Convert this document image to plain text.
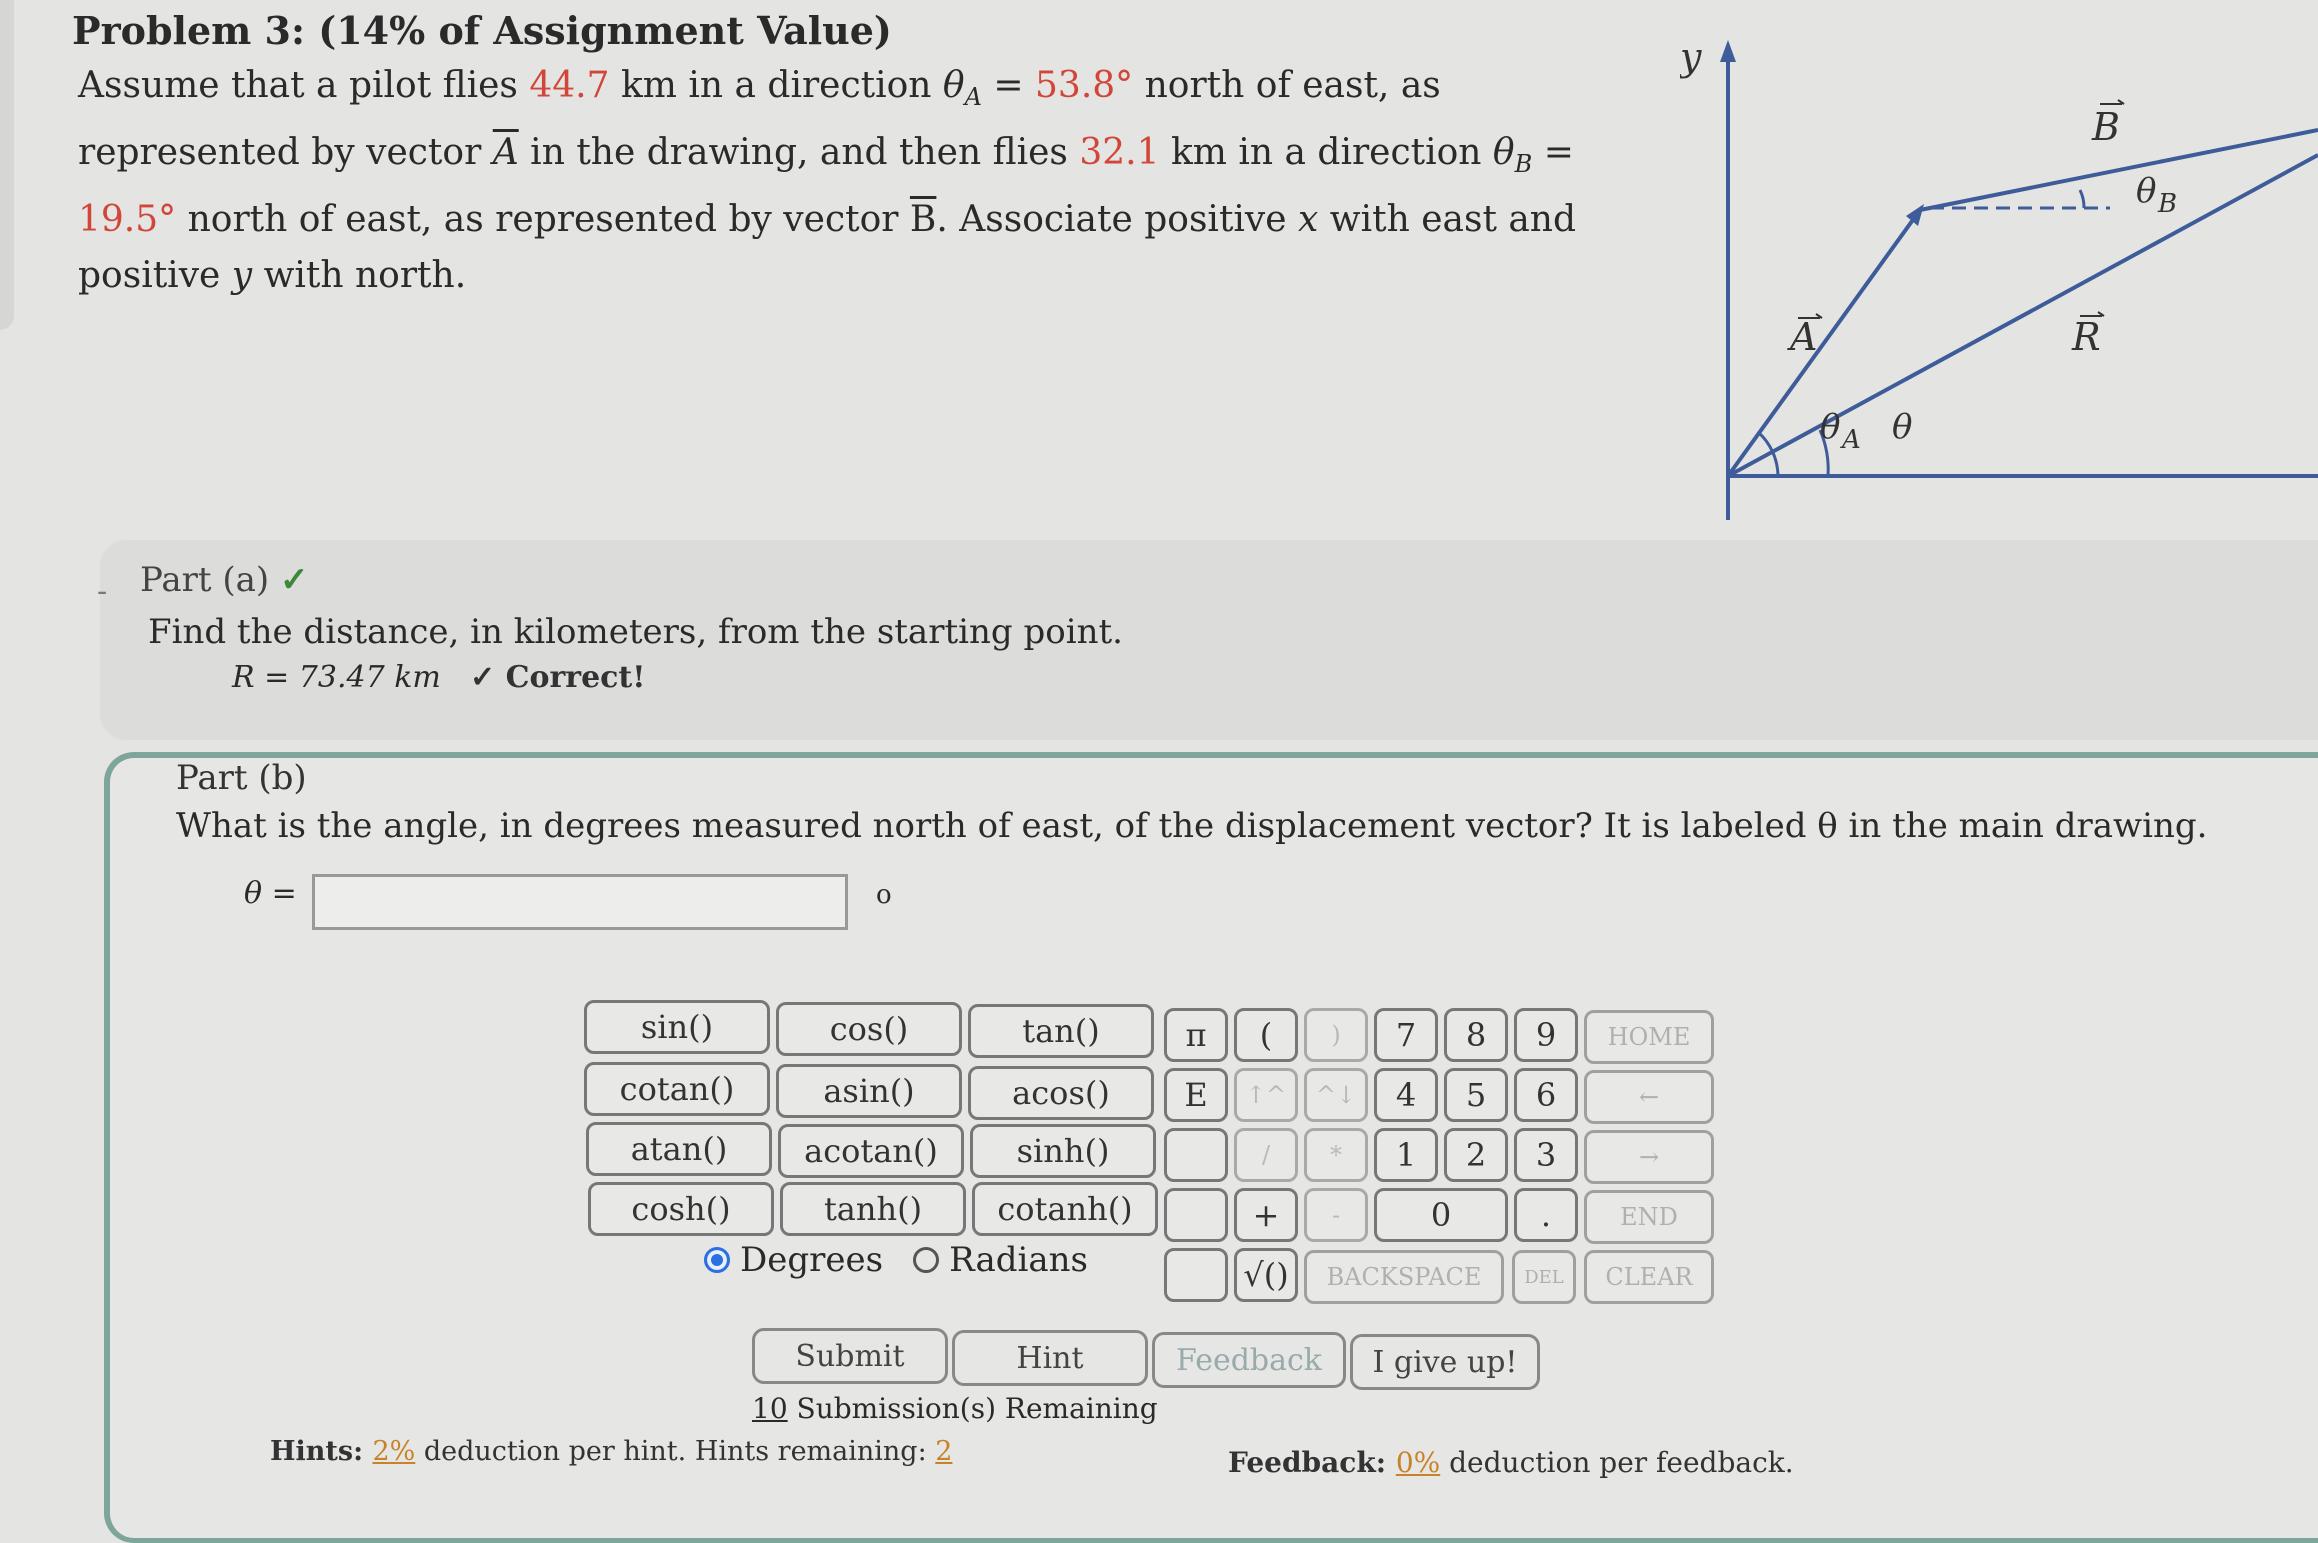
Problem 3: (14% of Assignment Value)
Assume that a pilot flies 44.7 km in a direction $\theta_A = 53.8^\circ$ north of east, as represented by vector $\overline{A}$ in the drawing, and then flies 32.1 km in a direction $\theta_B = 19.5^\circ$ north of east, as represented by vector $\overline{B}$. Associate positive x with east and positive y with north.
y
A
B
R
θ A θ
θ B
- Part (a) ✓
Find the distance, in kilometers, from the starting point.
R = 73.47 km ✓ Correct!
Part (b)
What is the angle, in degrees measured north of east, of the displacement vector? It is labeled θ in the main drawing.
θ =	o
sin()	cos()	tan()
cotan()	asin()	acos()
atan()	acotan()	sinh()
cosh()	tanh()	cotanh()
π	(	)
E	↑^	^↓
/	*
+	-
√()
7	8	9
4	5	6
1	2	3
0	.
HOME
←
→
END
BACKSPACE	DEL	CLEAR
Degrees Radians
Submit	Hint	Feedback	I give up!
10 Submission(s) Remaining
Hints: 2% deduction per hint. Hints remaining: 2	Feedback: 0% deduction per feedback.
